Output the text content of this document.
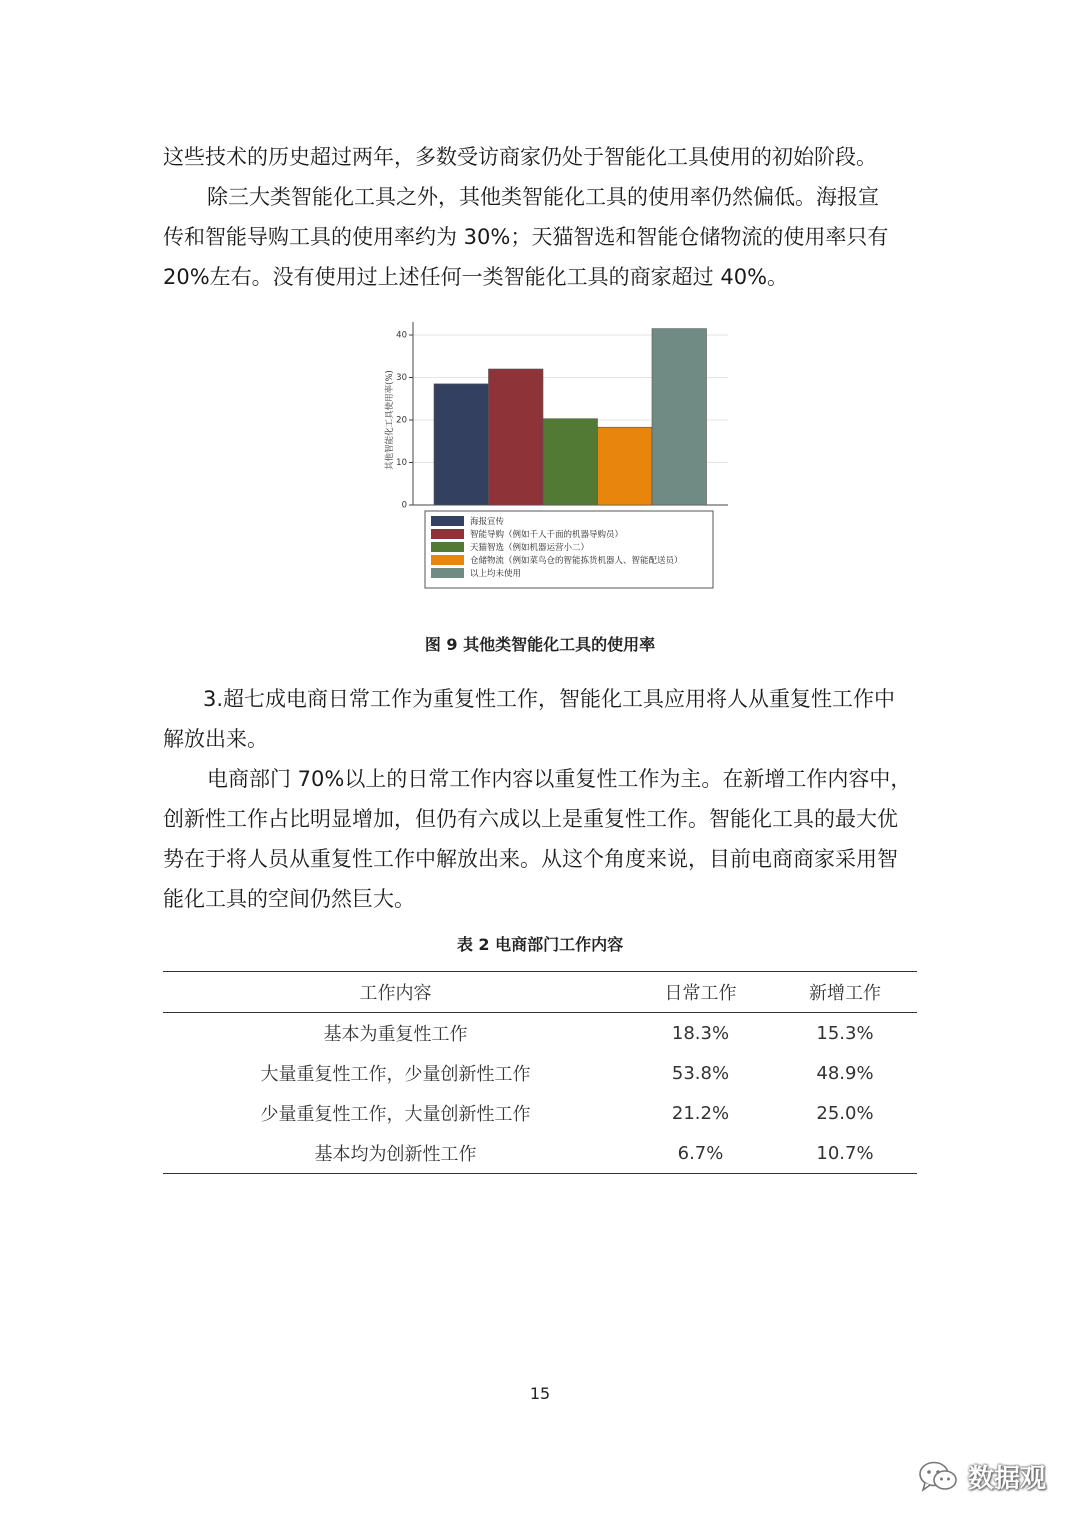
这些技术的历史超过两年，多数受访商家仍处于智能化工具使用的初始阶段。

除三大类智能化工具之外，其他类智能化工具的使用率仍然偏低。海报宣
传和智能导购工具的使用率约为 30%；天猫智选和智能仓储物流的使用率只有
20%左右。没有使用过上述任何一类智能化工具的商家超过 40%。

0
10
20
30
40
其他智能化工具使用率(%)
海报宣传
智能导购（例如千人千面的机器导购员）
天猫智选（例如机器运营小二）
仓储物流（例如菜鸟仓的智能拣货机器人、智能配送员）
以上均未使用
图 9 其他类智能化工具的使用率

3.超七成电商日常工作为重复性工作，智能化工具应用将人从重复性工作中
解放出来。

电商部门 70%以上的日常工作内容以重复性工作为主。在新增工作内容中，
创新性工作占比明显增加，但仍有六成以上是重复性工作。智能化工具的最大优
势在于将人员从重复性工作中解放出来。从这个角度来说，目前电商商家采用智
能化工具的空间仍然巨大。

表 2 电商部门工作内容
工作内容	日常工作	新增工作
基本为重复性工作	18.3%	15.3%
大量重复性工作，少量创新性工作	53.8%	48.9%
少量重复性工作，大量创新性工作	21.2%	25.0%
基本均为创新性工作	6.7%	10.7%
15
数据观
